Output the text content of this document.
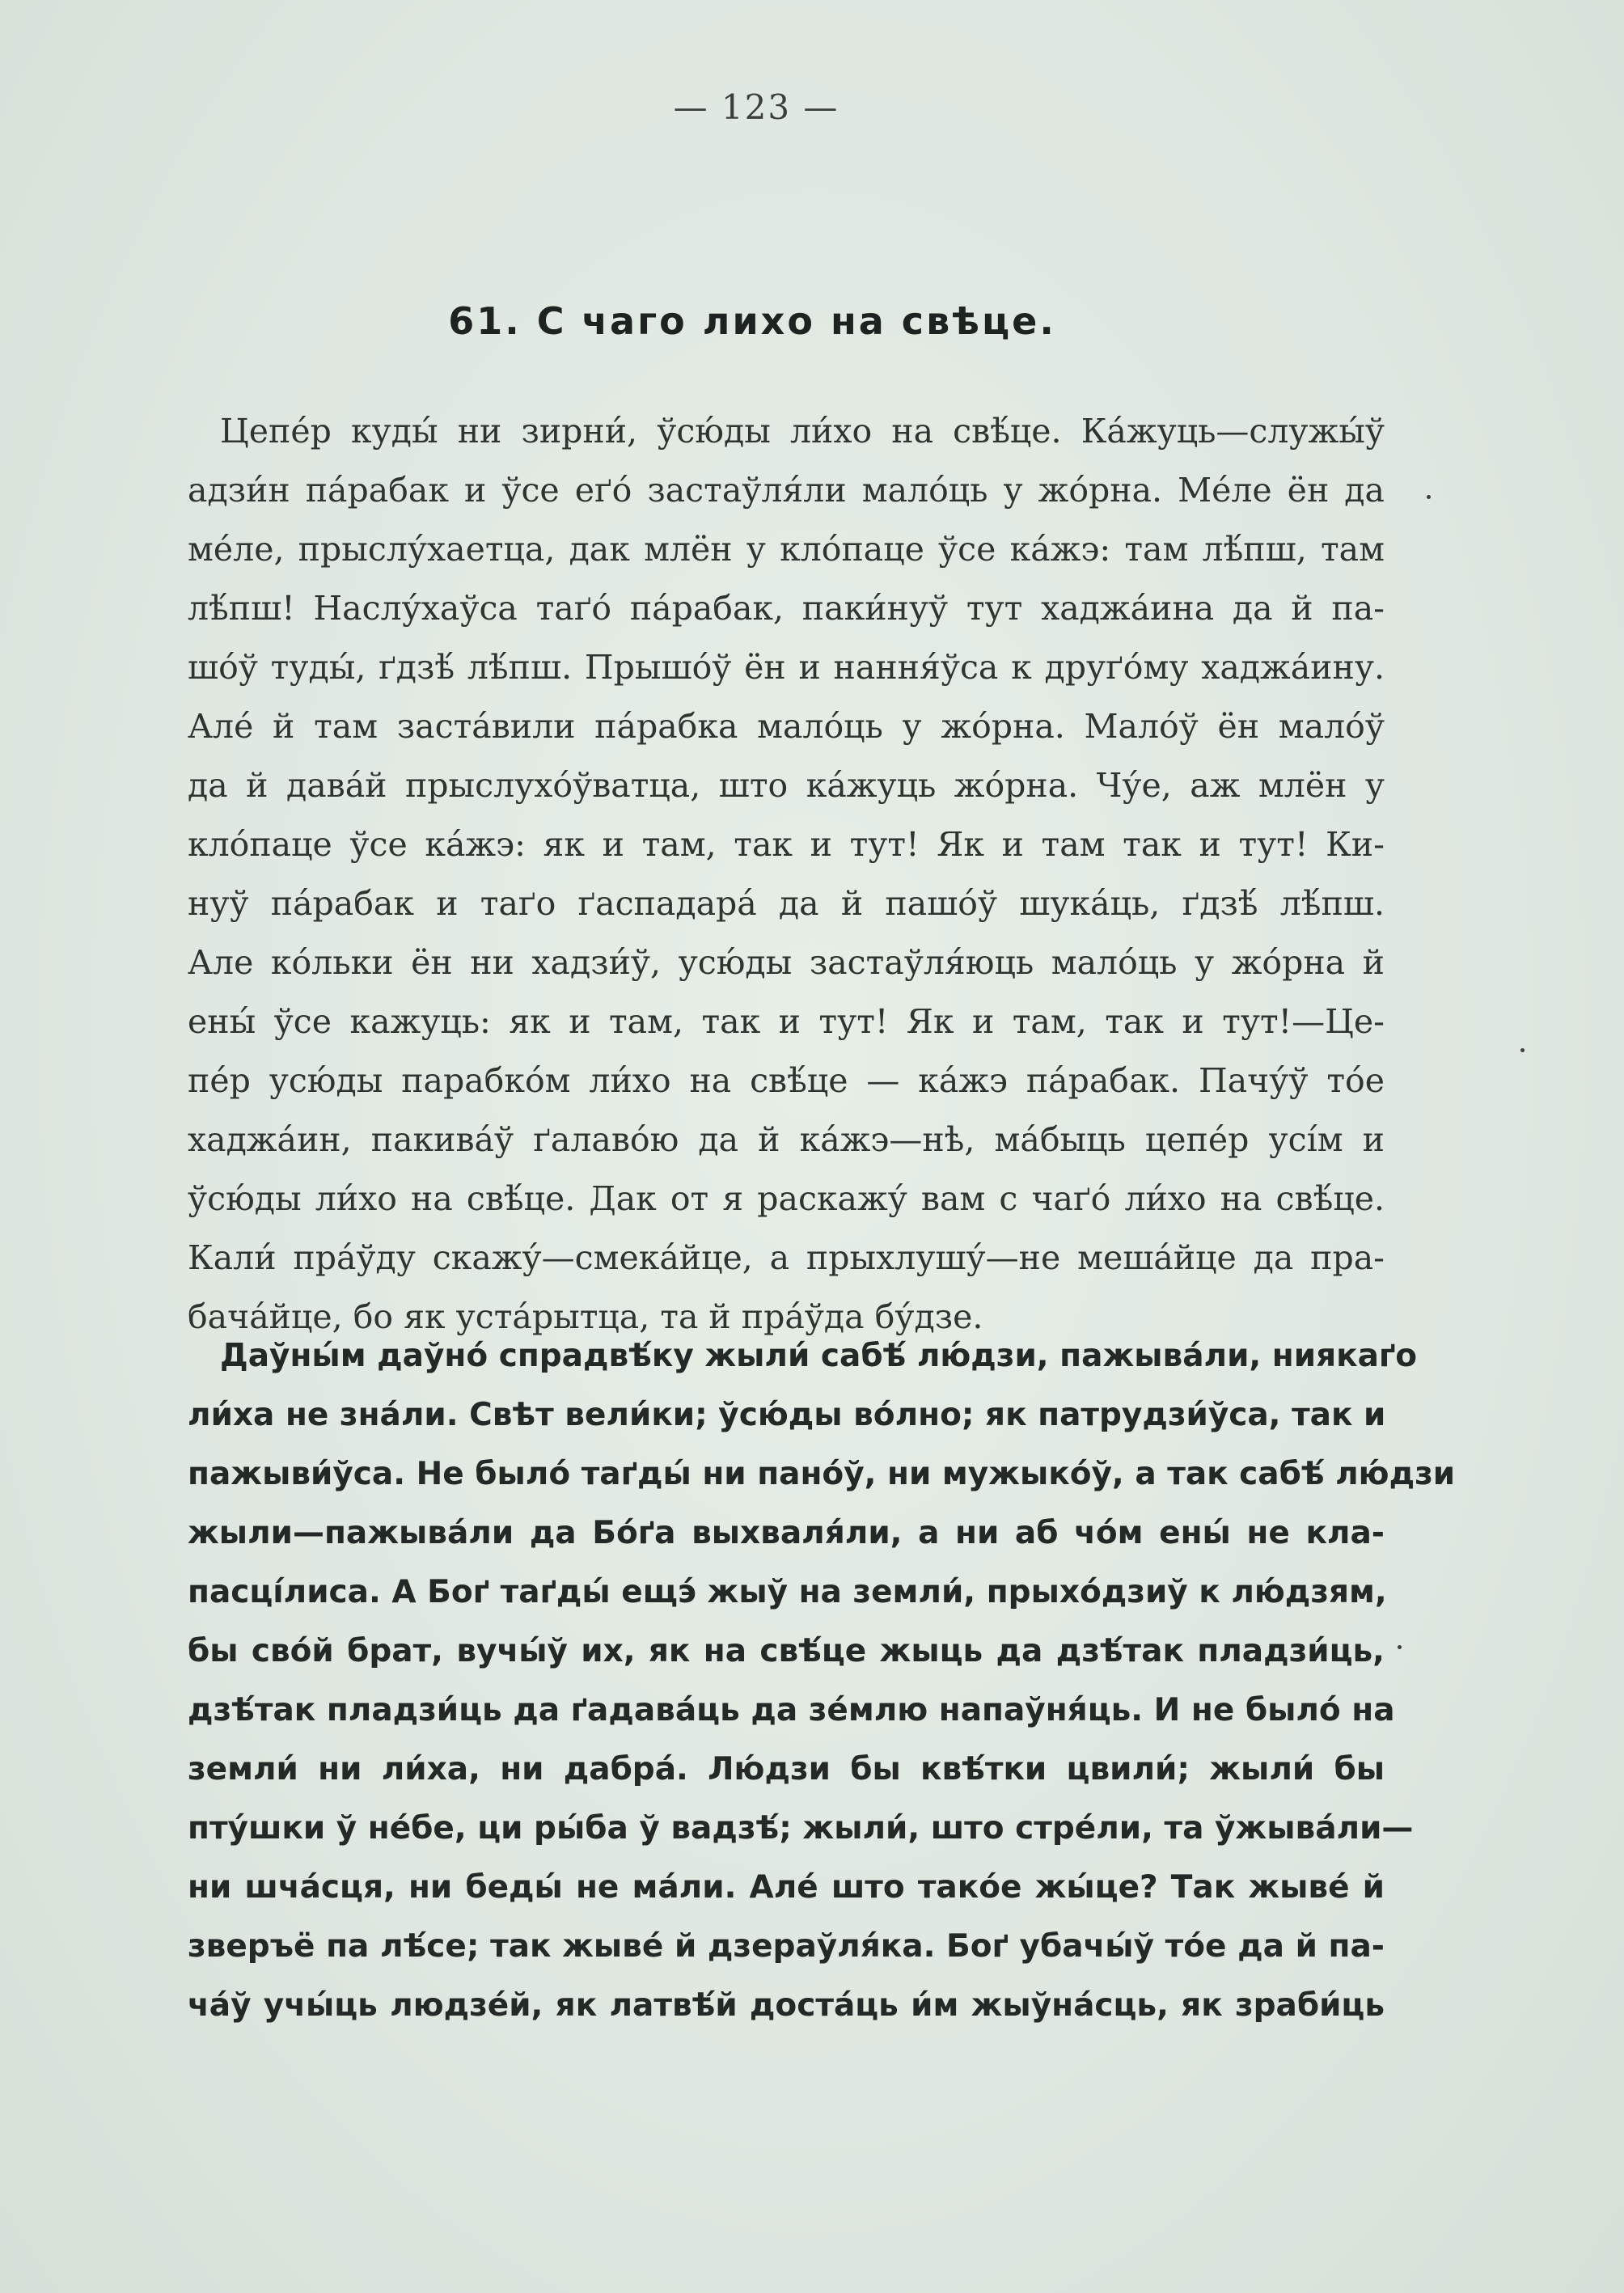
— 123 —
61. С чаго лихо на свѣце.
Цепе́р куды́ ни зирни́, ўсю́ды ли́хо на свѣ́це. Ка́жуць—служы́ў
адзи́н па́рабак и ўсе еґо́ застаўля́ли мало́ць у жо́рна. Ме́ле ён да
ме́ле, прыслу́хаетца, дак млён у кло́паце ўсе ка́жэ: там лѣ́пш, там
лѣ́пш! Наслу́хаўса таґо́ па́рабак, паки́нуў тут хаджа́ина да й па-
шо́ў туды́, ґдзѣ́ лѣ́пш. Прышо́ў ён и нання́ўса к друґо́му хаджа́ину.
Але́ й там заста́вили па́рабка мало́ць у жо́рна. Мало́ў ён мало́ў
да й дава́й прыслухо́ўватца, што ка́жуць жо́рна. Чу́е, аж млён у
кло́паце ўсе ка́жэ: як и там, так и тут! Як и там так и тут! Ки-
нуў па́рабак и таґо ґаспадара́ да й пашо́ў шука́ць, ґдзѣ́ лѣ́пш.
Але ко́льки ён ни хадзи́ў, усю́ды застаўля́юць мало́ць у жо́рна й
ены́ ўсе кажуць: як и там, так и тут! Як и там, так и тут!—Це-
пе́р усю́ды парабко́м ли́хо на свѣ́це — ка́жэ па́рабак. Пачу́ў то́е
хаджа́ин, пакива́ў ґалаво́ю да й ка́жэ—нѣ, ма́быць цепе́р усі́м и
ўсю́ды ли́хо на свѣ́це. Дак от я раскажу́ вам с чаґо́ ли́хо на свѣ́це.
Кали́ пра́ўду скажу́—смека́йце, а прыхлушу́—не меша́йце да пра-
бача́йце, бо як уста́рытца, та й пра́ўда бу́дзе.
Даўны́м даўно́ спрадвѣ́ку жыли́ сабѣ́ лю́дзи, пажыва́ли, ниякаґо
ли́ха не зна́ли. Свѣт вели́ки; ўсю́ды во́лно; як патрудзи́ўса, так и
пажыви́ўса. Не было́ таґды́ ни пано́ў, ни мужыко́ў, а так сабѣ́ лю́дзи
жыли—пажыва́ли да Бо́ґа выхваля́ли, а ни аб чо́м ены́ не кла-
пасці́лиса. А Боґ таґды́ ещэ́ жыў на земли́, прыхо́дзиў к лю́дзям,
бы сво́й брат, вучы́ў их, як на свѣ́це жыць да дзѣ́так пладзи́ць,
дзѣ́так пладзи́ць да ґадава́ць да зе́млю напаўня́ць. И не было́ на
земли́ ни ли́ха, ни дабра́. Лю́дзи бы квѣ́тки цвили́; жыли́ бы
пту́шки ў не́бе, ци ры́ба ў вадзѣ́; жыли́, што стре́ли, та ўжыва́ли—
ни шча́сця, ни беды́ не ма́ли. Але́ што тако́е жы́це? Так жыве́ й
зверъё па лѣ́се; так жыве́ й дзераўля́ка. Боґ убачы́ў то́е да й па-
ча́ў учы́ць людзе́й, як латвѣ́й доста́ць и́м жыўна́сць, як зраби́ць
